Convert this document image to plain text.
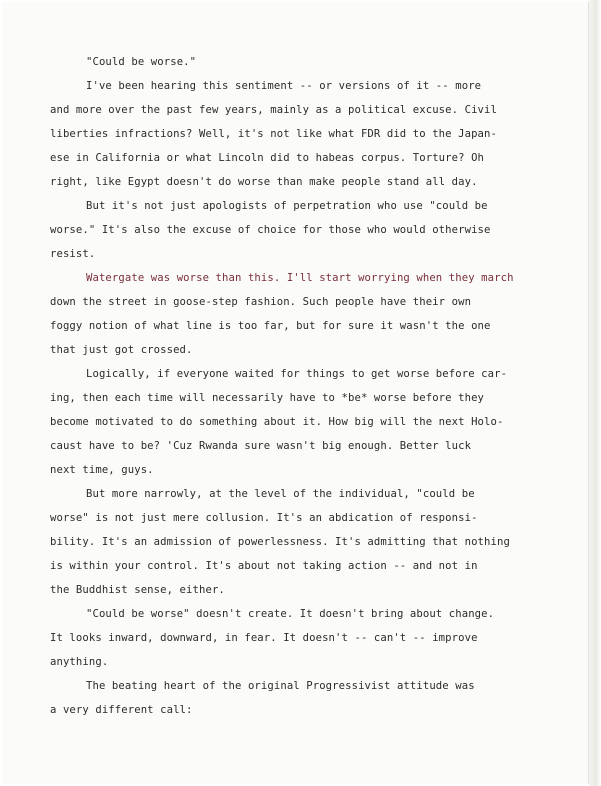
"Could be worse."
I've been hearing this sentiment -- or versions of it -- more
and more over the past few years, mainly as a political excuse. Civil
liberties infractions? Well, it's not like what FDR did to the Japan-
ese in California or what Lincoln did to habeas corpus. Torture? Oh
right, like Egypt doesn't do worse than make people stand all day.
But it's not just apologists of perpetration who use "could be
worse." It's also the excuse of choice for those who would otherwise
resist.
Watergate was worse than this. I'll start worrying when they march
down the street in goose-step fashion. Such people have their own
foggy notion of what line is too far, but for sure it wasn't the one
that just got crossed.
Logically, if everyone waited for things to get worse before car-
ing, then each time will necessarily have to *be* worse before they
become motivated to do something about it. How big will the next Holo-
caust have to be? 'Cuz Rwanda sure wasn't big enough. Better luck
next time, guys.
But more narrowly, at the level of the individual, "could be
worse" is not just mere collusion. It's an abdication of responsi-
bility. It's an admission of powerlessness. It's admitting that nothing
is within your control. It's about not taking action -- and not in
the Buddhist sense, either.
"Could be worse" doesn't create. It doesn't bring about change.
It looks inward, downward, in fear. It doesn't -- can't -- improve
anything.
The beating heart of the original Progressivist attitude was
a very different call:
